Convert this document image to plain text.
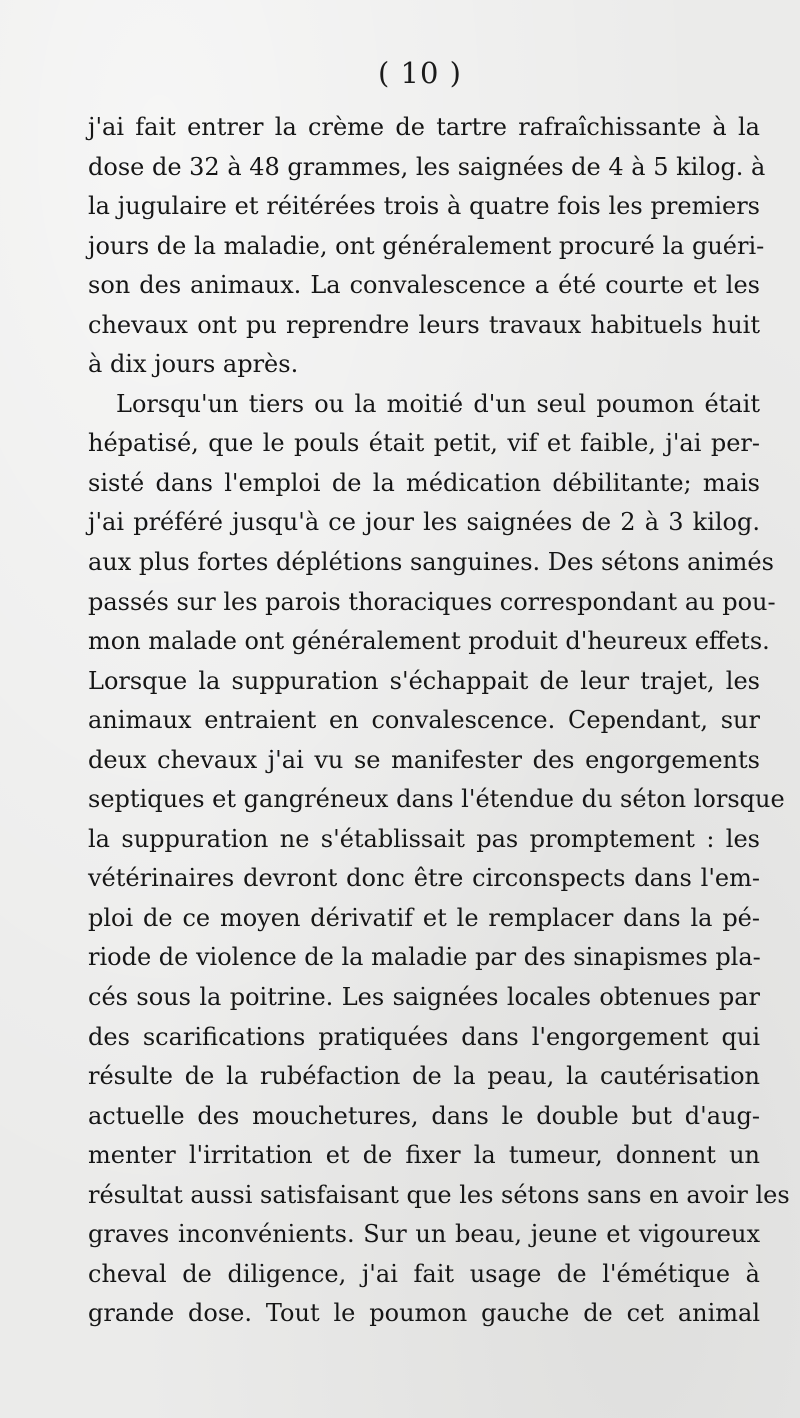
( 10 )
j'ai fait entrer la crème de tartre rafraîchissante à la
dose de 32 à 48 grammes, les saignées de 4 à 5 kilog. à
la jugulaire et réitérées trois à quatre fois les premiers
jours de la maladie, ont généralement procuré la guéri-
son des animaux. La convalescence a été courte et les
chevaux ont pu reprendre leurs travaux habituels huit
à dix jours après.
Lorsqu'un tiers ou la moitié d'un seul poumon était
hépatisé, que le pouls était petit, vif et faible, j'ai per-
sisté dans l'emploi de la médication débilitante; mais
j'ai préféré jusqu'à ce jour les saignées de 2 à 3 kilog.
aux plus fortes déplétions sanguines. Des sétons animés
passés sur les parois thoraciques correspondant au pou-
mon malade ont généralement produit d'heureux effets.
Lorsque la suppuration s'échappait de leur trajet, les
animaux entraient en convalescence. Cependant, sur
deux chevaux j'ai vu se manifester des engorgements
septiques et gangréneux dans l'étendue du séton lorsque
la suppuration ne s'établissait pas promptement : les
vétérinaires devront donc être circonspects dans l'em-
ploi de ce moyen dérivatif et le remplacer dans la pé-
riode de violence de la maladie par des sinapismes pla-
cés sous la poitrine. Les saignées locales obtenues par
des scarifications pratiquées dans l'engorgement qui
résulte de la rubéfaction de la peau, la cautérisation
actuelle des mouchetures, dans le double but d'aug-
menter l'irritation et de fixer la tumeur, donnent un
résultat aussi satisfaisant que les sétons sans en avoir les
graves inconvénients. Sur un beau, jeune et vigoureux
cheval de diligence, j'ai fait usage de l'émétique à
grande dose. Tout le poumon gauche de cet animal
